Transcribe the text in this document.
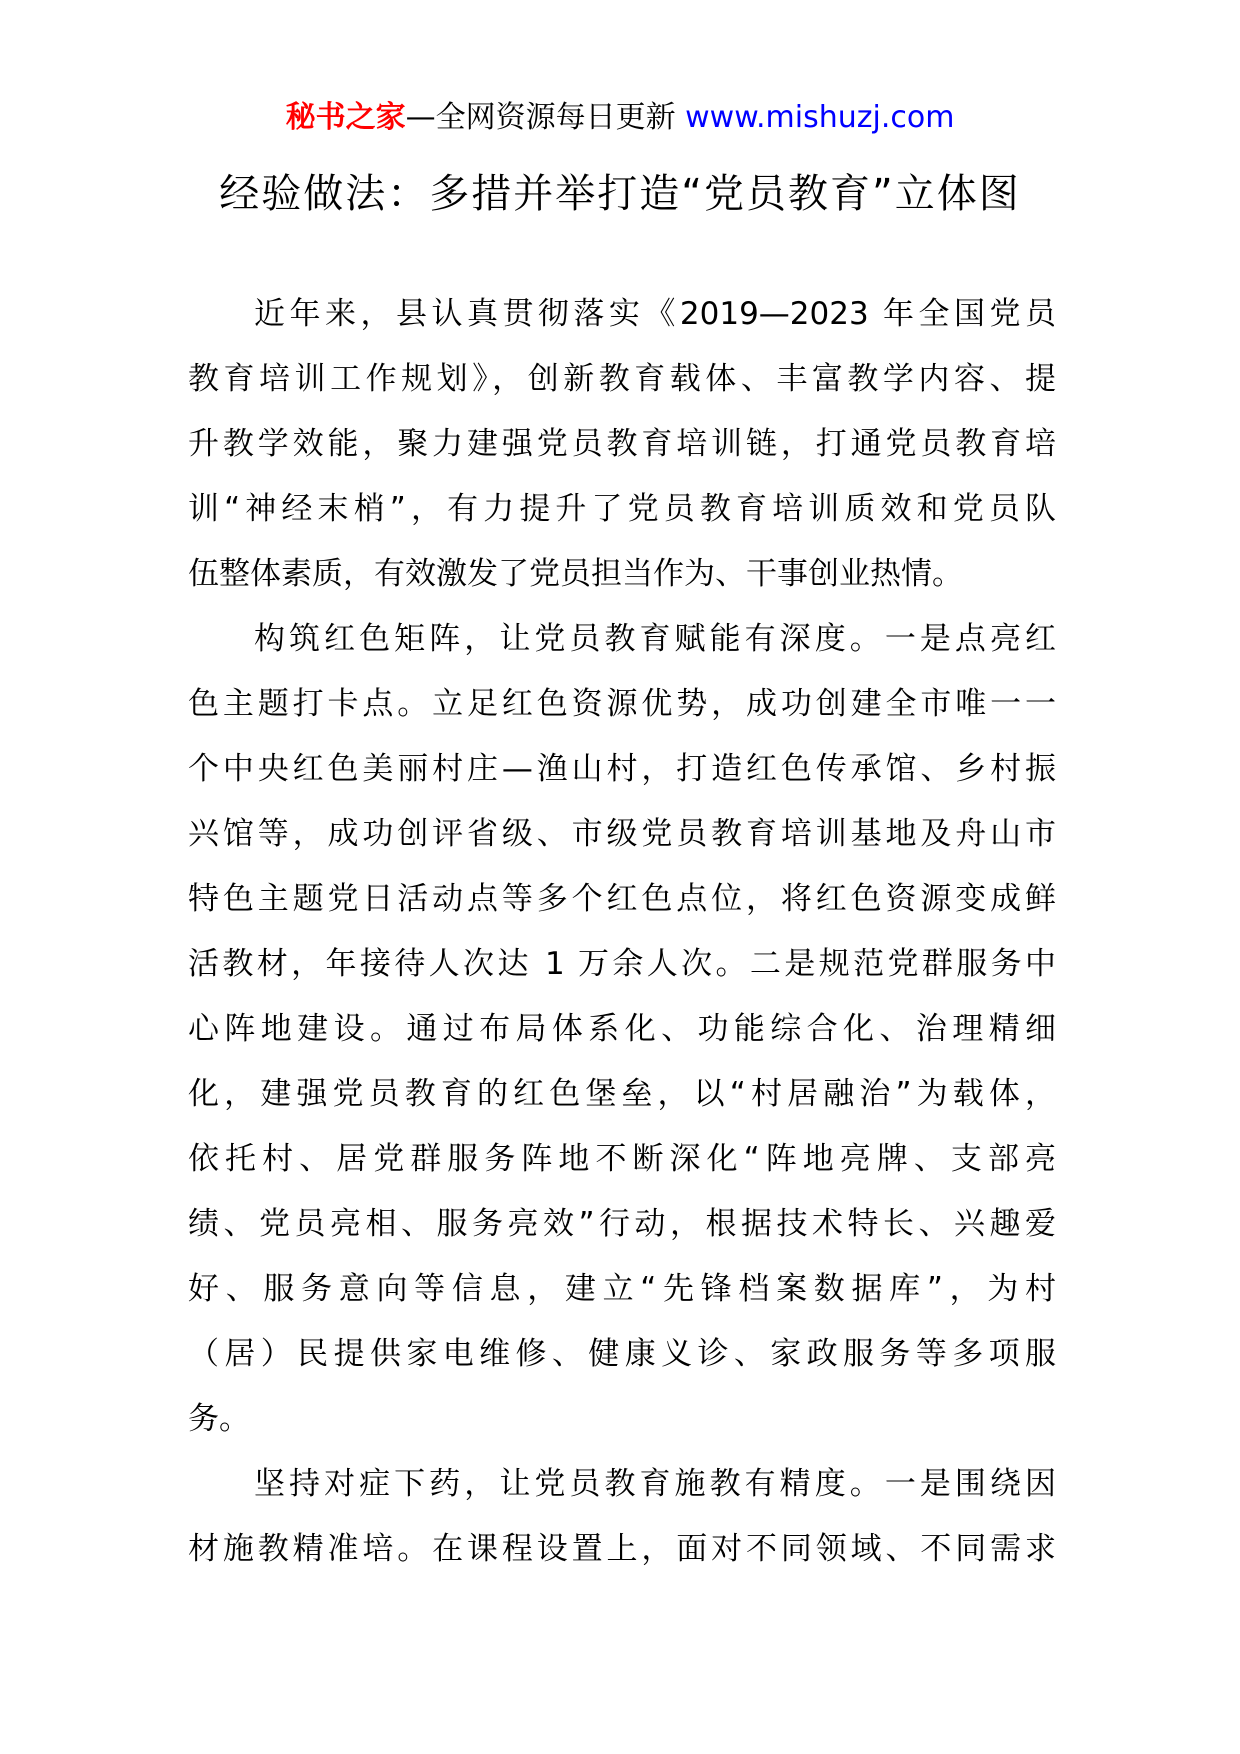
秘书之家—全网资源每日更新 www.mishuzj.com
经验做法：多措并举打造“党员教育”立体图
近年来，县认真贯彻落实《2019—2023 年全国党员
教育培训工作规划》，创新教育载体、丰富教学内容、提
升教学效能，聚力建强党员教育培训链，打通党员教育培
训“神经末梢”，有力提升了党员教育培训质效和党员队
伍整体素质，有效激发了党员担当作为、干事创业热情。
构筑红色矩阵，让党员教育赋能有深度。一是点亮红
色主题打卡点。立足红色资源优势，成功创建全市唯一一
个中央红色美丽村庄—渔山村，打造红色传承馆、乡村振
兴馆等，成功创评省级、市级党员教育培训基地及舟山市
特色主题党日活动点等多个红色点位，将红色资源变成鲜
活教材，年接待人次达 1 万余人次。二是规范党群服务中
心阵地建设。通过布局体系化、功能综合化、治理精细
化，建强党员教育的红色堡垒，以“村居融治”为载体，
依托村、居党群服务阵地不断深化“阵地亮牌、支部亮
绩、党员亮相、服务亮效”行动，根据技术特长、兴趣爱
好、服务意向等信息，建立“先锋档案数据库”，为村
（居）民提供家电维修、健康义诊、家政服务等多项服
务。
坚持对症下药，让党员教育施教有精度。一是围绕因
材施教精准培。在课程设置上，面对不同领域、不同需求
